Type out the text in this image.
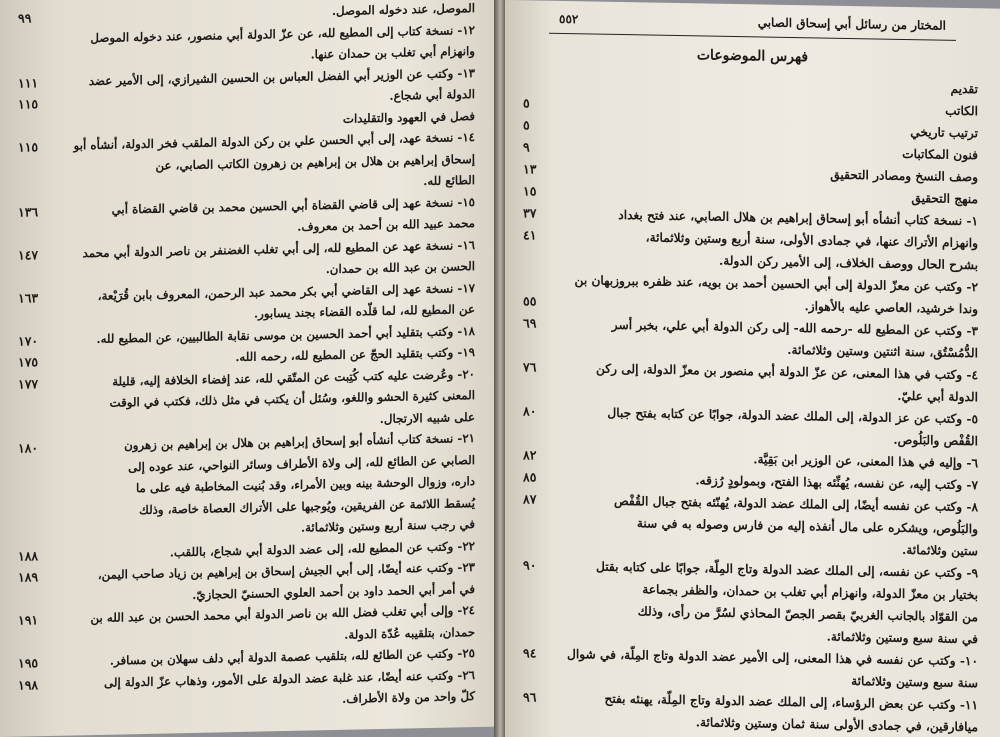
الموصل، عند دخوله الموصل.
٩٩
١٢- نسخة كتاب إلى المطيع لله، عن عزّ الدولة أبي منصور، عند دخوله الموصل
وانهزام أبي تغلب بن حمدان عنها.
١٣- وكتب عن الوزير أبي الفضل العباس بن الحسين الشيرازي، إلى الأمير عضد
١١١
الدولة أبي شجاع.
١١٥
فصل في العهود والتقليدات
١٤- نسخة عهد، إلى أبي الحسن علي بن ركن الدولة الملقب فخر الدولة، أنشأه أبو
١١٥
إسحاق إبراهيم بن هلال بن إبراهيم بن زهرون الكاتب الصابي، عن
الطائع لله.
١٥- نسخة عهد إلى قاضي القضاة أبي الحسين محمد بن قاضي القضاة أبي
١٣٦
محمد عبيد الله بن أحمد بن معروف.
١٦- نسخة عهد عن المطيع لله، إلى أبي تغلب الغضنفر بن ناصر الدولة أبي محمد
١٤٧
الحسن بن عبد الله بن حمدان.
١٧- نسخة عهد إلى القاضي أبي بكر محمد عبد الرحمن، المعروف بابن قُرَيْعة،
١٦٣
عن المطيع لله، لما قلّده القضاء بجند يسابور.
١٨- وكتب بتقليد أبي أحمد الحسين بن موسى نقابة الطالبيين، عن المطيع لله.
١٧٠
١٩- وكتب بتقليد الحجّ عن المطيع لله، رحمه الله.
١٧٥
٢٠- وعُرضت عليه كتب كُتِبت عن المتّقي لله، عند إفضاء الخلافة إليه، قليلة
١٧٧
المعنى كثيرة الحشو واللغو، وسُئل أن يكتب في مثل ذلك، فكتب في الوقت
على شبيه الارتجال.
٢١- نسخة كتاب أنشأه أبو إسحاق إبراهيم بن هلال بن إبراهيم بن زهرون
١٨٠
الصابي عن الطائع لله، إلى ولاة الأطراف وسائر النواحي، عند عوده إلى
داره، وزوال الوحشة بينه وبين الأمراء، وقد بُنيت المخاطبة فيه على ما
يُسقط اللائمة عن الفريقين، ويُوجبها على الأتراك العصاة خاصة، وذلك
في رجب سنة أربع وستين وثلاثمائة.
٢٢- وكتب عن المطيع لله، إلى عضد الدولة أبي شجاع، باللقب.
١٨٨
٢٣- وكتب عنه أيضًا، إلى أبي الجيش إسحاق بن إبراهيم بن زياد صاحب اليمن،
١٨٩
في أمر أبي الحمد داود بن أحمد العلوي الحسنيّ الحجازيّ.
٢٤- وإلى أبي تغلب فضل الله بن ناصر الدولة أبي محمد الحسن بن عبد الله بن
١٩١
حمدان، بتلقيبه عُدّة الدولة.
٢٥- وكتب عن الطائع لله، بتلقيب عصمة الدولة أبي دلف سهلان بن مسافر.
١٩٥
٢٦- وكتب عنه أيضًا، عند غلبة عضد الدولة على الأمور، وذهاب عزّ الدولة إلى
١٩٨
كلّ واحد من ولاة الأطراف.
المختار من رسائل أبي إسحاق الصابي
٥٥٢
فهرس الموضوعات
تقديم
الكاتب
٥
ترتيب تاريخي
٥
فنون المكاتبات
٩
وصف النسخ ومصادر التحقيق
١٣
منهج التحقيق
١٥
١- نسخة كتاب أنشأه أبو إسحاق إبراهيم بن هلال الصابي، عند فتح بغداد
٣٧
وانهزام الأتراك عنها، في جمادى الأولى، سنة أربع وستين وثلاثمائة،
٤١
بشرح الحال ووصف الخلاف، إلى الأمير ركن الدولة.
٢- وكتب عن معزّ الدولة إلى أبي الحسين أحمد بن بويه، عند ظفره ببروزبهان بن
وندا خرشيد، العاصي عليه بالأهواز.
٥٥
٣- وكتب عن المطيع لله -رحمه الله- إلى ركن الدولة أبي علي، بخبر أسر
٦٩
الدُّمُسْتُق، سنة اثنتين وستين وثلاثمائة.
٤- وكتب في هذا المعنى، عن عزّ الدولة أبي منصور بن معزّ الدولة، إلى ركن
٧٦
الدولة أبي عليّ.
٥- وكتب عن عز الدولة، إلى الملك عضد الدولة، جوابًا عن كتابه بفتح جبال
٨٠
القُفْص والبَلُوص.
٦- وإليه في هذا المعنى، عن الوزير ابن بَقِيَّة.
٨٢
٧- وكتب إليه، عن نفسه، يُهنِّئه بهذا الفتح، وبمولودٍ رُزقه.
٨٥
٨- وكتب عن نفسه أيضًا، إلى الملك عضد الدولة، يُهنّئه بفتح جبال القُفْص
٨٧
والبَلُوص، ويشكره على مال أنفذه إليه من فارس وصوله به في سنة
ستين وثلاثمائة.
٩- وكتب عن نفسه، إلى الملك عضد الدولة وتاج المِلّة، جوابًا على كتابه بقتل
٩٠
بختيار بن معزّ الدولة، وانهزام أبي تغلب بن حمدان، والظفر بجماعة
من القوّاد بالجانب الغربيّ بقصر الجصّ المحاذي لسُرَّ من رأى، وذلك
في سنة سبع وستين وثلاثمائة.
١٠- وكتب عن نفسه في هذا المعنى، إلى الأمير عضد الدولة وتاج المِلّة، في شوال
٩٤
سنة سبع وستين وثلاثمائة
١١- وكتب عن بعض الرؤساء، إلى الملك عضد الدولة وتاج المِلّة، يهنئه بفتح
٩٦
ميافارقين، في جمادى الأولى سنة ثمان وستين وثلاثمائة.
